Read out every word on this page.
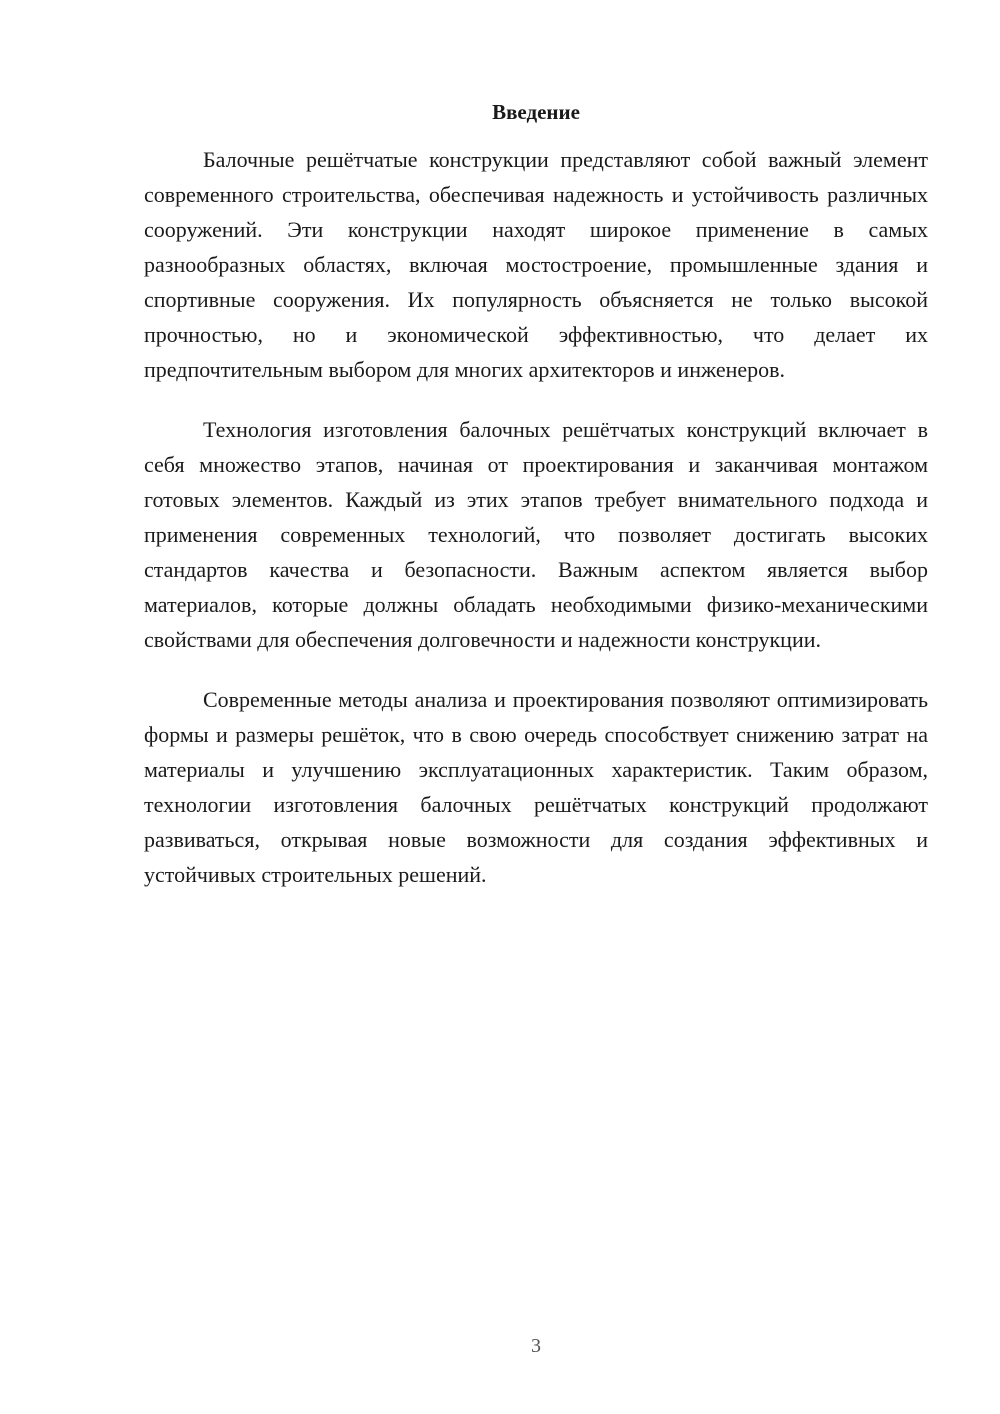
Введение

Балочные решётчатые конструкции представляют собой важный элемент современного строительства, обеспечивая надежность и устойчивость различных сооружений. Эти конструкции находят широкое применение в самых разнообразных областях, включая мостостроение, промышленные здания и спортивные сооружения. Их популярность объясняется не только высокой прочностью, но и экономической эффективностью, что делает их предпочтительным выбором для многих архитекторов и инженеров.

Технология изготовления балочных решётчатых конструкций включает в себя множество этапов, начиная от проектирования и заканчивая монтажом готовых элементов. Каждый из этих этапов требует внимательного подхода и применения современных технологий, что позволяет достигать высоких стандартов качества и безопасности. Важным аспектом является выбор материалов, которые должны обладать необходимыми физико-механическими свойствами для обеспечения долговечности и надежности конструкции.

Современные методы анализа и проектирования позволяют оптимизировать формы и размеры решёток, что в свою очередь способствует снижению затрат на материалы и улучшению эксплуатационных характеристик. Таким образом, технологии изготовления балочных решётчатых конструкций продолжают развиваться, открывая новые возможности для создания эффективных и устойчивых строительных решений.

3
